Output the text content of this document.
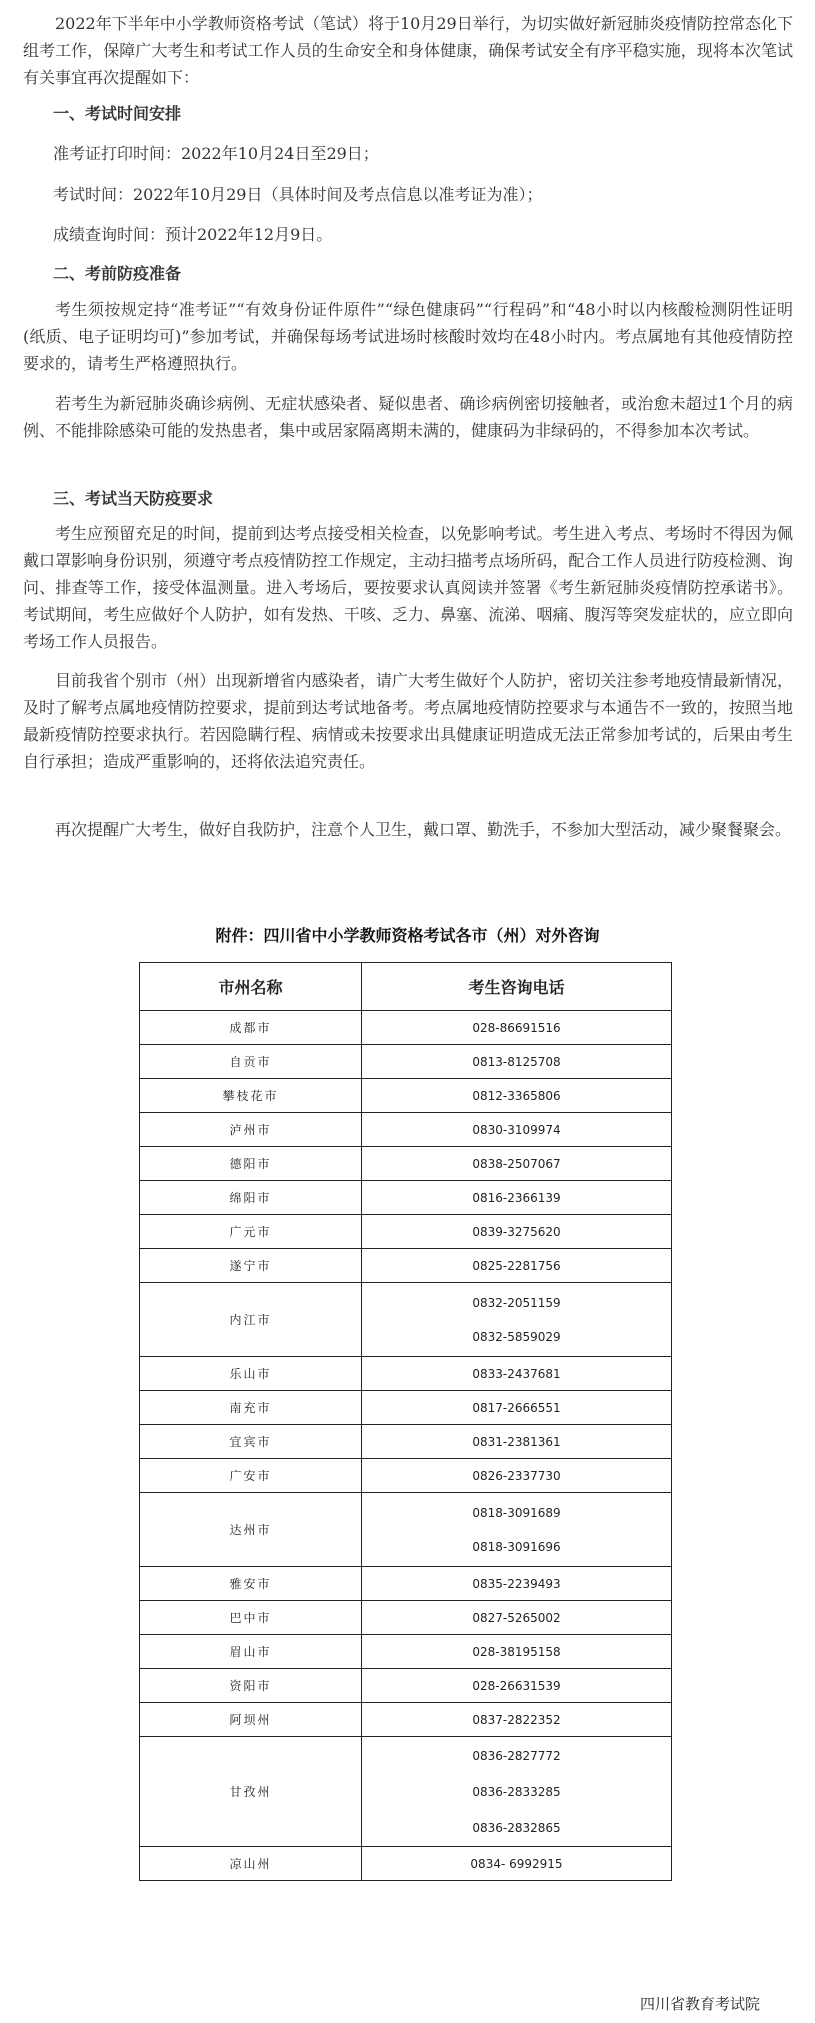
2022年下半年中小学教师资格考试（笔试）将于10月29日举行，为切实做好新冠肺炎疫情防控常态化下组考工作，保障广大考生和考试工作人员的生命安全和身体健康，确保考试安全有序平稳实施，现将本次笔试有关事宜再次提醒如下：

一、考试时间安排

准考证打印时间：2022年10月24日至29日；

考试时间：2022年10月29日（具体时间及考点信息以准考证为准）；

成绩查询时间：预计2022年12月9日。

二、考前防疫准备

考生须按规定持“准考证”“有效身份证件原件”“绿色健康码”“行程码”和“48小时以内核酸检测阴性证明(纸质、电子证明均可)”参加考试，并确保每场考试进场时核酸时效均在48小时内。考点属地有其他疫情防控要求的，请考生严格遵照执行。

若考生为新冠肺炎确诊病例、无症状感染者、疑似患者、确诊病例密切接触者，或治愈未超过1个月的病例、不能排除感染可能的发热患者，集中或居家隔离期未满的，健康码为非绿码的，不得参加本次考试。

三、考试当天防疫要求

考生应预留充足的时间，提前到达考点接受相关检查，以免影响考试。考生进入考点、考场时不得因为佩戴口罩影响身份识别，须遵守考点疫情防控工作规定，主动扫描考点场所码，配合工作人员进行防疫检测、询问、排查等工作，接受体温测量。进入考场后，要按要求认真阅读并签署《考生新冠肺炎疫情防控承诺书》。考试期间，考生应做好个人防护，如有发热、干咳、乏力、鼻塞、流涕、咽痛、腹泻等突发症状的，应立即向考场工作人员报告。

目前我省个别市（州）出现新增省内感染者，请广大考生做好个人防护，密切关注参考地疫情最新情况，及时了解考点属地疫情防控要求，提前到达考试地备考。考点属地疫情防控要求与本通告不一致的，按照当地最新疫情防控要求执行。若因隐瞒行程、病情或未按要求出具健康证明造成无法正常参加考试的，后果由考生自行承担；造成严重影响的，还将依法追究责任。

再次提醒广大考生，做好自我防护，注意个人卫生，戴口罩、勤洗手，不参加大型活动，减少聚餐聚会。

附件：四川省中小学教师资格考试各市（州）对外咨询
市州名称	考生咨询电话
成都市	028-86691516

自贡市	0813-8125708

攀枝花市	0812-3365806

泸州市	0830-3109974

德阳市	0838-2507067

绵阳市	0816-2366139

广元市	0839-3275620

遂宁市	0825-2281756

内江市	0832-2051159
0832-5859029

乐山市	0833-2437681

南充市	0817-2666551

宜宾市	0831-2381361

广安市	0826-2337730

达州市	0818-3091689
0818-3091696

雅安市	0835-2239493

巴中市	0827-5265002

眉山市	028-38195158

资阳市	028-26631539

阿坝州	0837-2822352

甘孜州	0836-2827772
0836-2833285
0836-2832865

凉山州	0834- 6992915
四川省教育考试院
